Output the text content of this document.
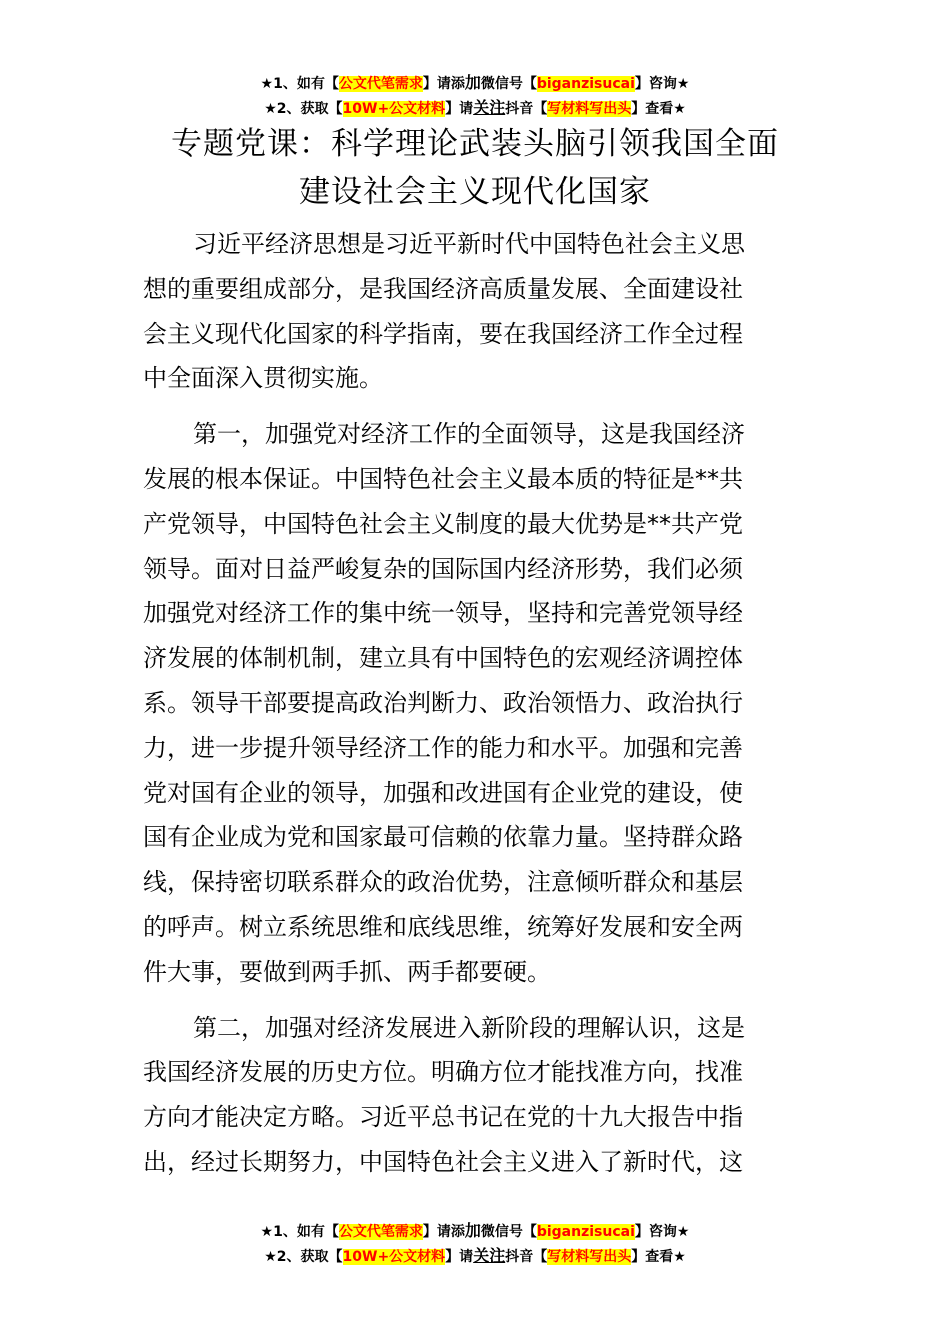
★1、如有【公文代笔需求】请添加微信号【biganzisucai】咨询★
★2、获取【10W+公文材料】请关注抖音【写材料写出头】查看★
专题党课：科学理论武装头脑引领我国全面
建设社会主义现代化国家
习近平经济思想是习近平新时代中国特色社会主义思
想的重要组成部分，是我国经济高质量发展、全面建设社
会主义现代化国家的科学指南，要在我国经济工作全过程
中全面深入贯彻实施。
第一，加强党对经济工作的全面领导，这是我国经济
发展的根本保证。中国特色社会主义最本质的特征是**共
产党领导，中国特色社会主义制度的最大优势是**共产党
领导。面对日益严峻复杂的国际国内经济形势，我们必须
加强党对经济工作的集中统一领导，坚持和完善党领导经
济发展的体制机制，建立具有中国特色的宏观经济调控体
系。领导干部要提高政治判断力、政治领悟力、政治执行
力，进一步提升领导经济工作的能力和水平。加强和完善
党对国有企业的领导，加强和改进国有企业党的建设，使
国有企业成为党和国家最可信赖的依靠力量。坚持群众路
线，保持密切联系群众的政治优势，注意倾听群众和基层
的呼声。树立系统思维和底线思维，统筹好发展和安全两
件大事，要做到两手抓、两手都要硬。
第二，加强对经济发展进入新阶段的理解认识，这是
我国经济发展的历史方位。明确方位才能找准方向，找准
方向才能决定方略。习近平总书记在党的十九大报告中指
出，经过长期努力，中国特色社会主义进入了新时代，这
★1、如有【公文代笔需求】请添加微信号【biganzisucai】咨询★
★2、获取【10W+公文材料】请关注抖音【写材料写出头】查看★
